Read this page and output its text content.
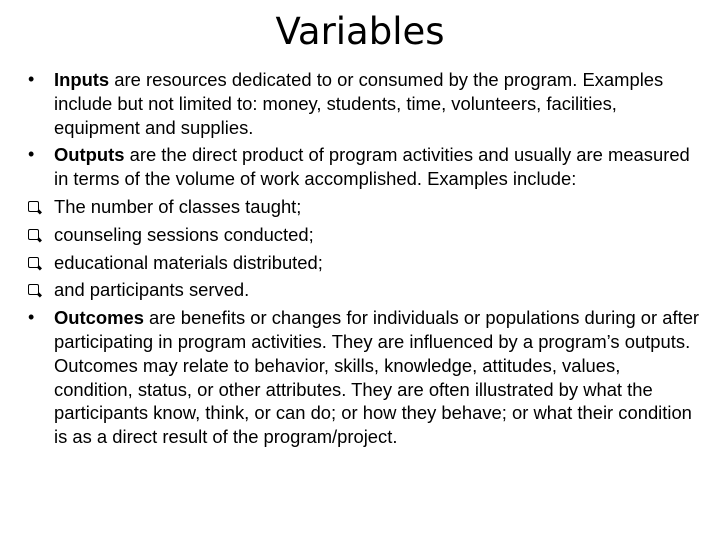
Variables
•	Inputs are resources dedicated to or consumed by the program. Examples include but not limited to: money, students, time, volunteers, facilities, equipment and supplies.
•	Outputs are the direct product of program activities and usually are measured in terms of the volume of work accomplished. Examples include:
The number of classes taught;
counseling sessions conducted;
educational materials distributed;
and participants served.
•	Outcomes are benefits or changes for individuals or populations during or after participating in program activities. They are influenced by a program’s outputs. Outcomes may relate to behavior, skills, knowledge, attitudes, values, condition, status, or other attributes. They are often illustrated by what the participants know, think, or can do; or how they behave; or what their condition is as a direct result of the program/project.
